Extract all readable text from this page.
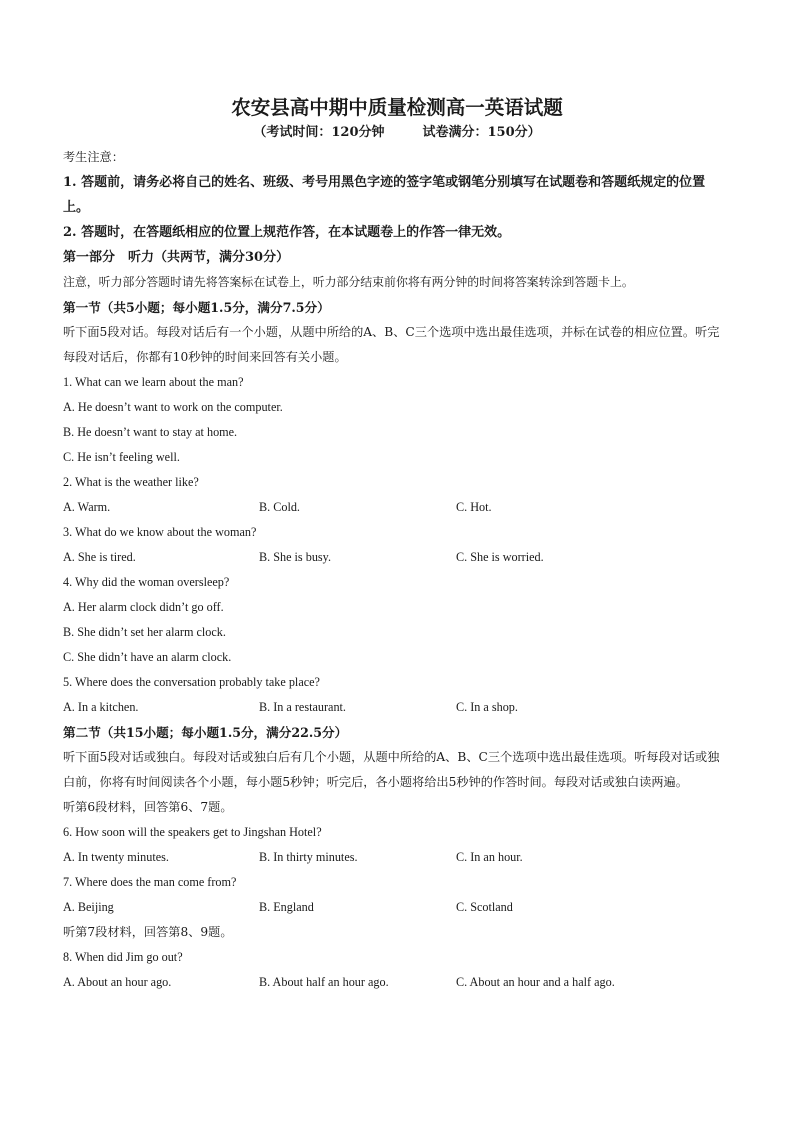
农安县高中期中质量检测高一英语试题
（考试时间：120分钟	试卷满分：150分）
考生注意：
1. 答题前，请务必将自己的姓名、班级、考号用黑色字迹的签字笔或钢笔分别填写在试题卷和答题纸规定的位置上。
2. 答题时，在答题纸相应的位置上规范作答，在本试题卷上的作答一律无效。
第一部分　听力（共两节，满分30分）
注意，听力部分答题时请先将答案标在试卷上，听力部分结束前你将有两分钟的时间将答案转涂到答题卡上。
第一节（共5小题；每小题1.5分，满分7.5分）
听下面5段对话。每段对话后有一个小题，从题中所给的A、B、C三个选项中选出最佳选项，并标在试卷的相应位置。听完每段对话后，你都有10秒钟的时间来回答有关小题。
1. What can we learn about the man?
A. He doesn’t want to work on the computer.
B. He doesn’t want to stay at home.
C. He isn’t feeling well.
2. What is the weather like?
A. Warm.	B. Cold.	C. Hot.
3. What do we know about the woman?
A. She is tired.	B. She is busy.	C. She is worried.
4. Why did the woman oversleep?
A. Her alarm clock didn’t go off.
B. She didn’t set her alarm clock.
C. She didn’t have an alarm clock.
5. Where does the conversation probably take place?
A. In a kitchen.	B. In a restaurant.	C. In a shop.
第二节（共15小题；每小题1.5分，满分22.5分）
听下面5段对话或独白。每段对话或独白后有几个小题，从题中所给的A、B、C三个选项中选出最佳选项。听每段对话或独白前，你将有时间阅读各个小题，每小题5秒钟；听完后，各小题将给出5秒钟的作答时间。每段对话或独白读两遍。
听第6段材料，回答第6、7题。
6. How soon will the speakers get to Jingshan Hotel?
A. In twenty minutes.	B. In thirty minutes.	C. In an hour.
7. Where does the man come from?
A. Beijing	B. England	C. Scotland
听第7段材料，回答第8、9题。
8. When did Jim go out?
A. About an hour ago.	B. About half an hour ago.	C. About an hour and a half ago.
